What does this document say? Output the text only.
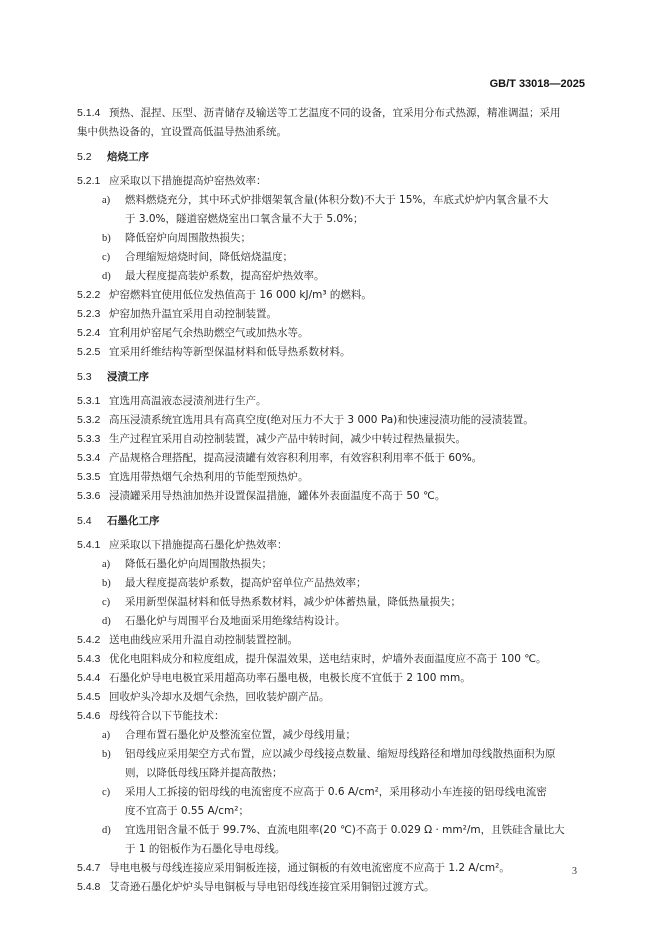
GB/T 33018—2025
5.1.4 预热、混捏、压型、沥青储存及输送等工艺温度不同的设备，宜采用分布式热源，精准调温；采用
集中供热设备的，宜设置高低温导热油系统。
5.2	焙烧工序
5.2.1 应采取以下措施提高炉窑热效率：
a)	燃料燃烧充分，其中环式炉排烟架氧含量(体积分数)不大于 15%，车底式炉炉内氧含量不大
于 3.0%，隧道窑燃烧室出口氧含量不大于 5.0%；
b)	降低窑炉向周围散热损失；
c)	合理缩短焙烧时间，降低焙烧温度；
d)	最大程度提高装炉系数，提高窑炉热效率。
5.2.2 炉窑燃料宜使用低位发热值高于 16 000 kJ/m³ 的燃料。
5.2.3 炉窑加热升温宜采用自动控制装置。
5.2.4 宜利用炉窑尾气余热助燃空气或加热水等。
5.2.5 宜采用纤维结构等新型保温材料和低导热系数材料。
5.3	浸渍工序
5.3.1 宜选用高温液态浸渍剂进行生产。
5.3.2 高压浸渍系统宜选用具有高真空度(绝对压力不大于 3 000 Pa)和快速浸渍功能的浸渍装置。
5.3.3 生产过程宜采用自动控制装置，减少产品中转时间，减少中转过程热量损失。
5.3.4 产品规格合理搭配，提高浸渍罐有效容积利用率，有效容积利用率不低于 60%。
5.3.5 宜选用带热烟气余热利用的节能型预热炉。
5.3.6 浸渍罐采用导热油加热并设置保温措施，罐体外表面温度不高于 50 ℃。
5.4	石墨化工序
5.4.1 应采取以下措施提高石墨化炉热效率：
a)	降低石墨化炉向周围散热损失；
b)	最大程度提高装炉系数，提高炉窑单位产品热效率；
c)	采用新型保温材料和低导热系数材料，减少炉体蓄热量，降低热量损失；
d)	石墨化炉与周围平台及地面采用绝缘结构设计。
5.4.2 送电曲线应采用升温自动控制装置控制。
5.4.3 优化电阻料成分和粒度组成，提升保温效果，送电结束时，炉墙外表面温度应不高于 100 ℃。
5.4.4 石墨化炉导电电极宜采用超高功率石墨电极，电极长度不宜低于 2 100 mm。
5.4.5 回收炉头冷却水及烟气余热，回收装炉副产品。
5.4.6 母线符合以下节能技术：
a)	合理布置石墨化炉及整流室位置，减少母线用量；
b)	铝母线应采用架空方式布置，应以减少母线接点数量、缩短母线路径和增加母线散热面积为原
则，以降低母线压降并提高散热；
c)	采用人工拆接的铝母线的电流密度不应高于 0.6 A/cm²，采用移动小车连接的铝母线电流密
度不宜高于 0.55 A/cm²；
d)	宜选用铝含量不低于 99.7%、直流电阻率(20 ℃)不高于 0.029 Ω · mm²/m，且铁硅含量比大
于 1 的铝板作为石墨化导电母线。
5.4.7 导电电极与母线连接应采用铜板连接，通过铜板的有效电流密度不应高于 1.2 A/cm²。
5.4.8 艾奇逊石墨化炉炉头导电铜板与导电铝母线连接宜采用铜铝过渡方式。
3
